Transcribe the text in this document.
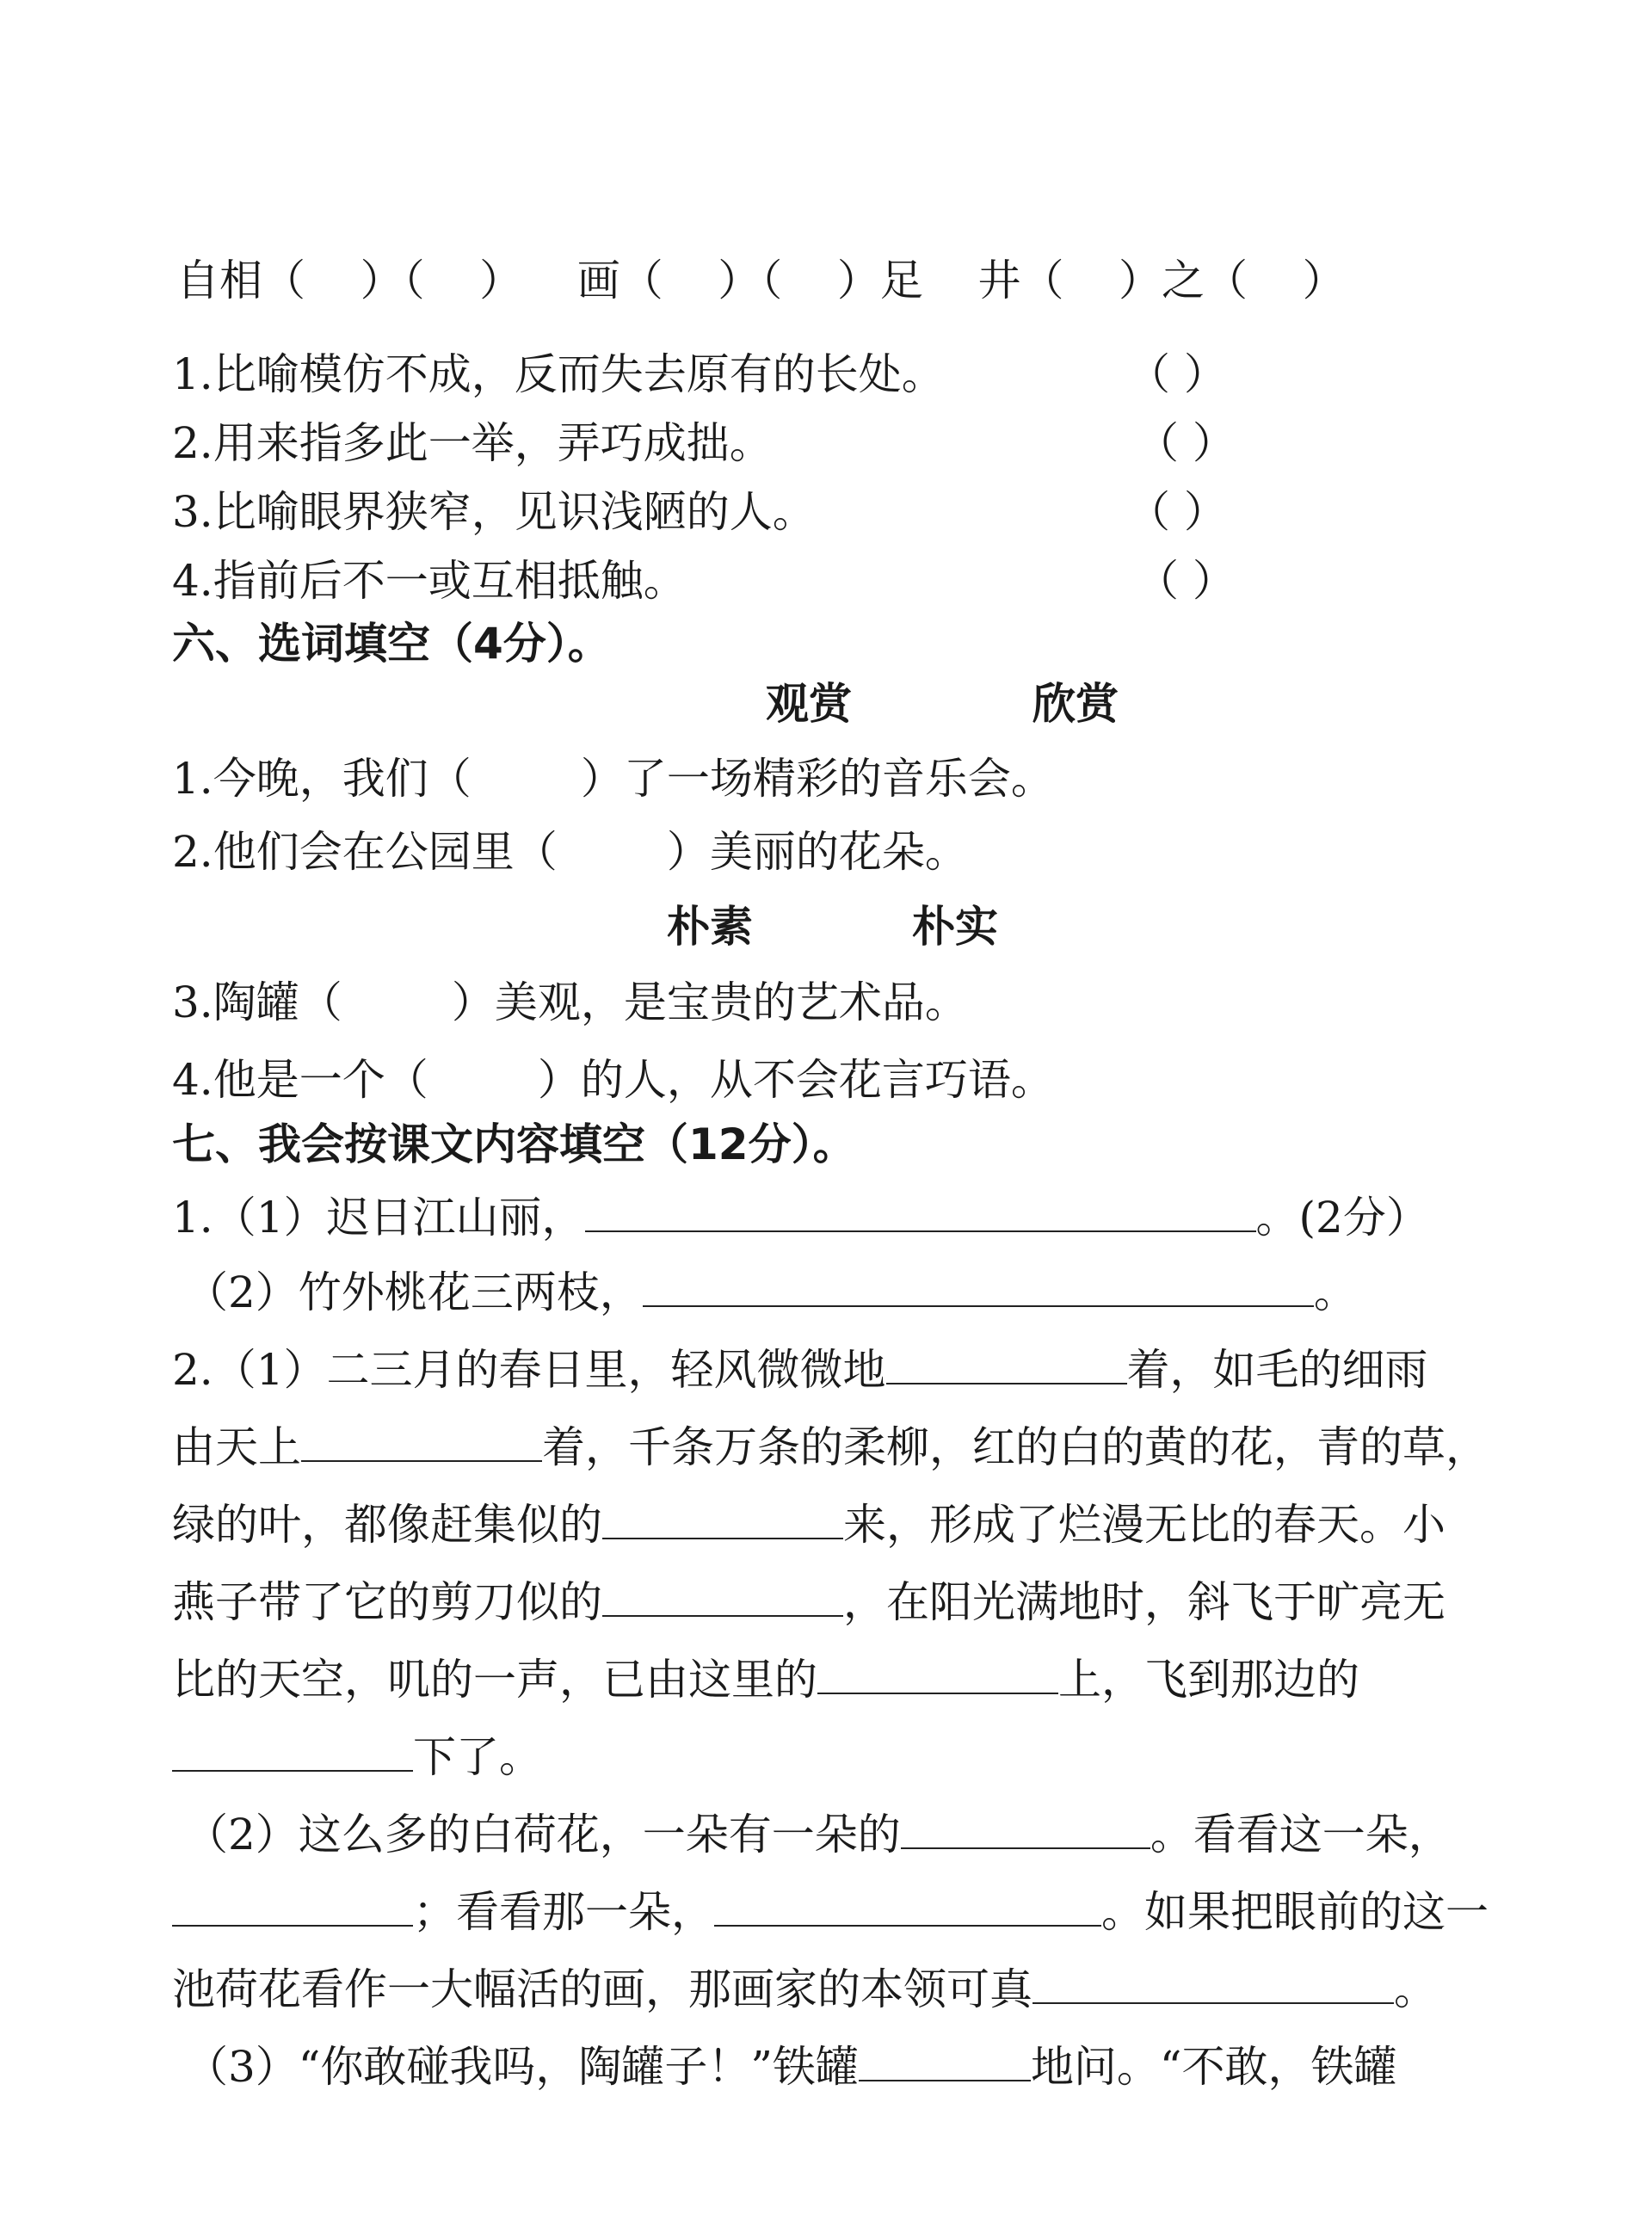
自相（    ）（    ）    画（    ）（    ）足    井（    ）之（    ）
1.比喻模仿不成，反而失去原有的长处。	（ ）
2.用来指多此一举，弄巧成拙。	（ ）
3.比喻眼界狭窄，见识浅陋的人。	（ ）
4.指前后不一或互相抵触。	（ ）
六、选词填空（4分）。
观赏	欣赏
1.今晚，我们（        ）了一场精彩的音乐会。
2.他们会在公园里（        ）美丽的花朵。
朴素	朴实
3.陶罐（        ）美观，是宝贵的艺术品。
4.他是一个（        ）的人，从不会花言巧语。
七、我会按课文内容填空（12分）。
1.（1）迟日江山丽，	。(2分）
（2）竹外桃花三两枝，	。
2.（1）二三月的春日里，轻风微微地	着，如毛的细雨
由天上	着，千条万条的柔柳，红的白的黄的花，青的草，
绿的叶，都像赶集似的	来，形成了烂漫无比的春天。小
燕子带了它的剪刀似的	，在阳光满地时，斜飞于旷亮无
比的天空，叽的一声，已由这里的	上，飞到那边的
下了。
（2）这么多的白荷花，一朵有一朵的	。看看这一朵，
；看看那一朵，	。如果把眼前的这一
池荷花看作一大幅活的画，那画家的本领可真	。
（3）“你敢碰我吗，陶罐子！”铁罐	地问。“不敢，铁罐
